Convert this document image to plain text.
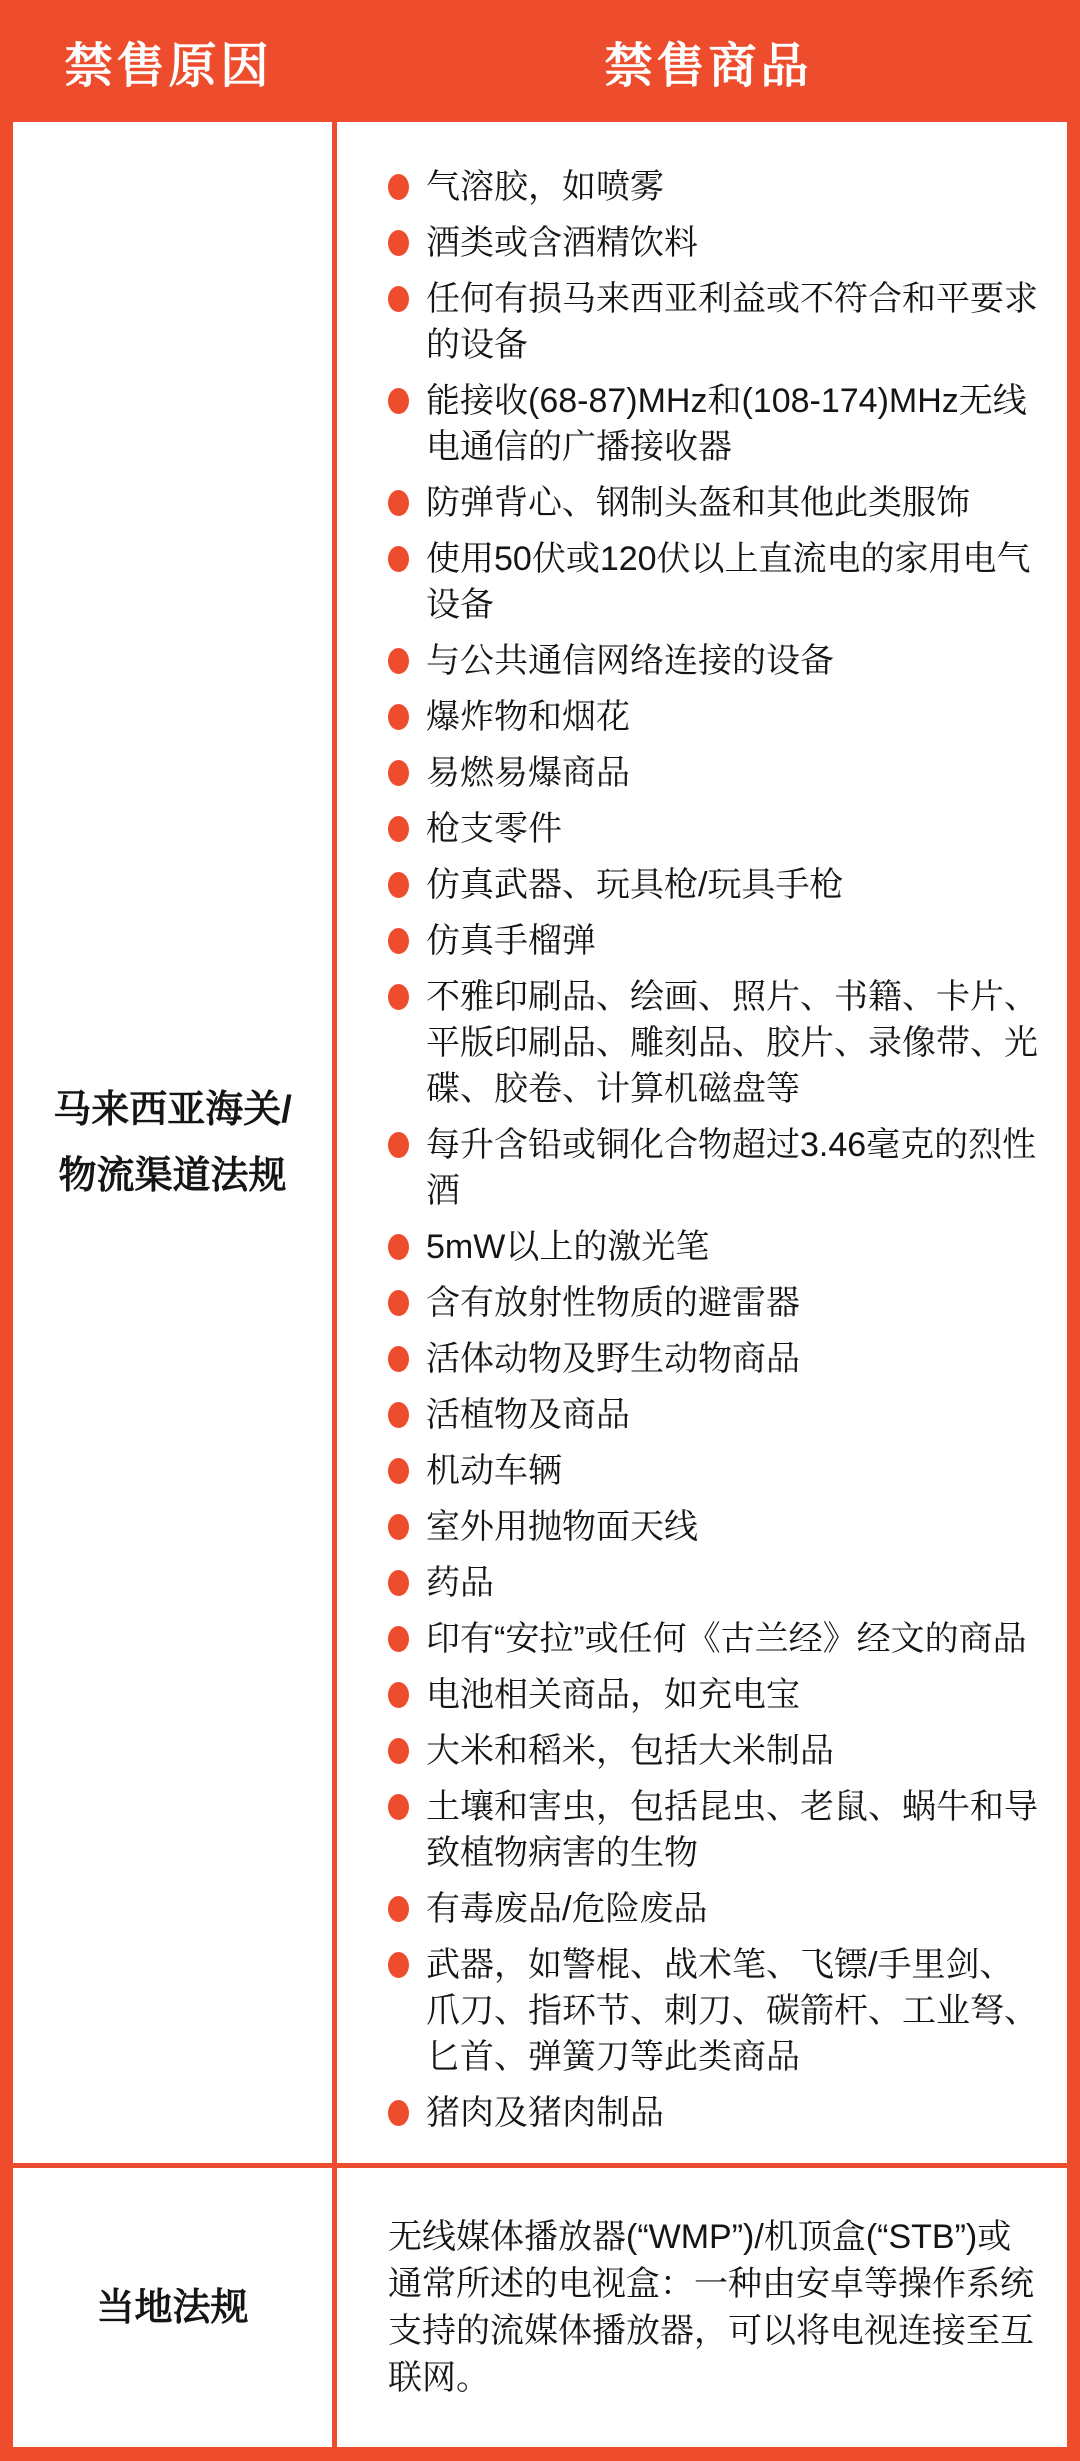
禁售原因	禁售商品
马来西亚海关/
物流渠道法规
气溶胶，如喷雾
酒类或含酒精饮料
任何有损马来西亚利益或不符合和平要求的设备
能接收(68-87)MHz和(108-174)MHz无线电通信的广播接收器
防弹背心、钢制头盔和其他此类服饰
使用50伏或120伏以上直流电的家用电气设备
与公共通信网络连接的设备
爆炸物和烟花
易燃易爆商品
枪支零件
仿真武器、玩具枪/玩具手枪
仿真手榴弹
不雅印刷品、绘画、照片、书籍、卡片、平版印刷品、雕刻品、胶片、录像带、光碟、胶卷、计算机磁盘等
每升含铅或铜化合物超过3.46毫克的烈性酒
5mW以上的激光笔
含有放射性物质的避雷器
活体动物及野生动物商品
活植物及商品
机动车辆
室外用抛物面天线
药品
印有“安拉”或任何《古兰经》经文的商品
电池相关商品，如充电宝
大米和稻米，包括大米制品
土壤和害虫，包括昆虫、老鼠、蜗牛和导致植物病害的生物
有毒废品/危险废品
武器，如警棍、战术笔、飞镖/手里剑、爪刀、指环节、刺刀、碳箭杆、工业弩、匕首、弹簧刀等此类商品
猪肉及猪肉制品
当地法规

无线媒体播放器(“WMP”)/机顶盒(“STB”)或通常所述的电视盒：一种由安卓等操作系统支持的流媒体播放器，可以将电视连接至互联网。
